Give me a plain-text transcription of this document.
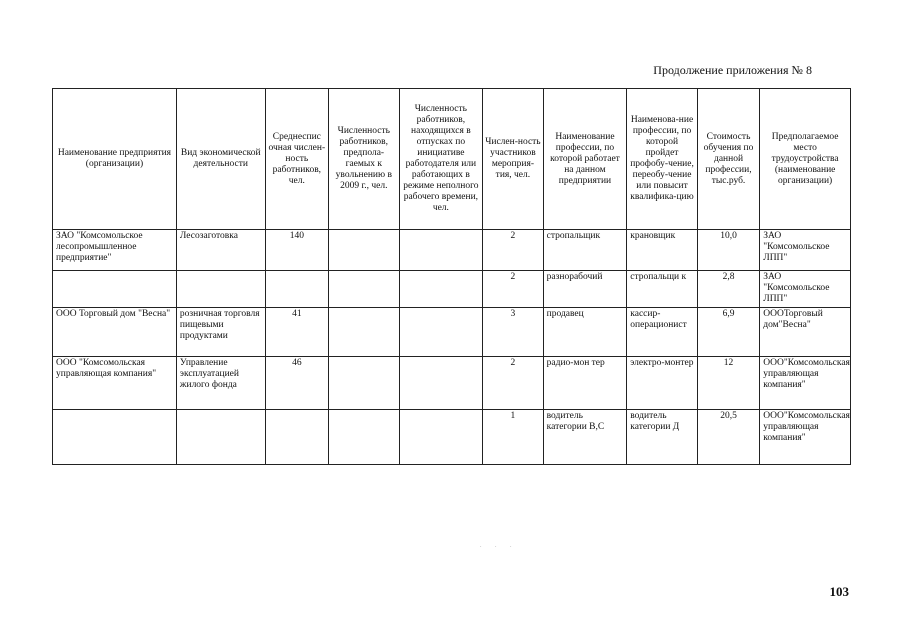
Продолжение приложения № 8
Наименование предприятия (организации)	Вид экономической деятельности	Среднеспис очная числен-ность работников, чел.	Численность работников, предпола-гаемых к увольнению в 2009 г., чел.	Численность работников, находящихся в отпусках по инициативе работодателя или работающих в режиме неполного рабочего времени, чел.	Числен-ность участников мероприя-тия, чел.	Наименование профессии, по которой работает на данном предприятии	Наименова-ние профессии, по которой пройдет профобу-чение, переобу-чение или повысит квалифика-цию	Стоимость обучения по данной профессии, тыс.руб.	Предполагаемое место трудоустройства (наименование организации)
ЗАО "Комсомольское лесопромышленное предприятие"	Лесозаготовка	140			2	стропальщик	крановщик	10,0	ЗАО "Комсомольское ЛПП"
					2	разнорабочий	стропальщи к	2,8	ЗАО "Комсомольское ЛПП"
ООО Торговый дом "Весна"	розничная торговля пищевыми продуктами	41			3	продавец	кассир-операционист	6,9	ОООТорговый дом"Весна"
ООО "Комсомольская управляющая компания"	Управление эксплуатацией жилого фонда	46			2	радио-мон тер	электро-монтер	12	ООО"Комсомольская управляющая компания"
					1	водитель категории В,С	водитель категории Д	20,5	ООО"Комсомольская управляющая компания"
. . .
103
